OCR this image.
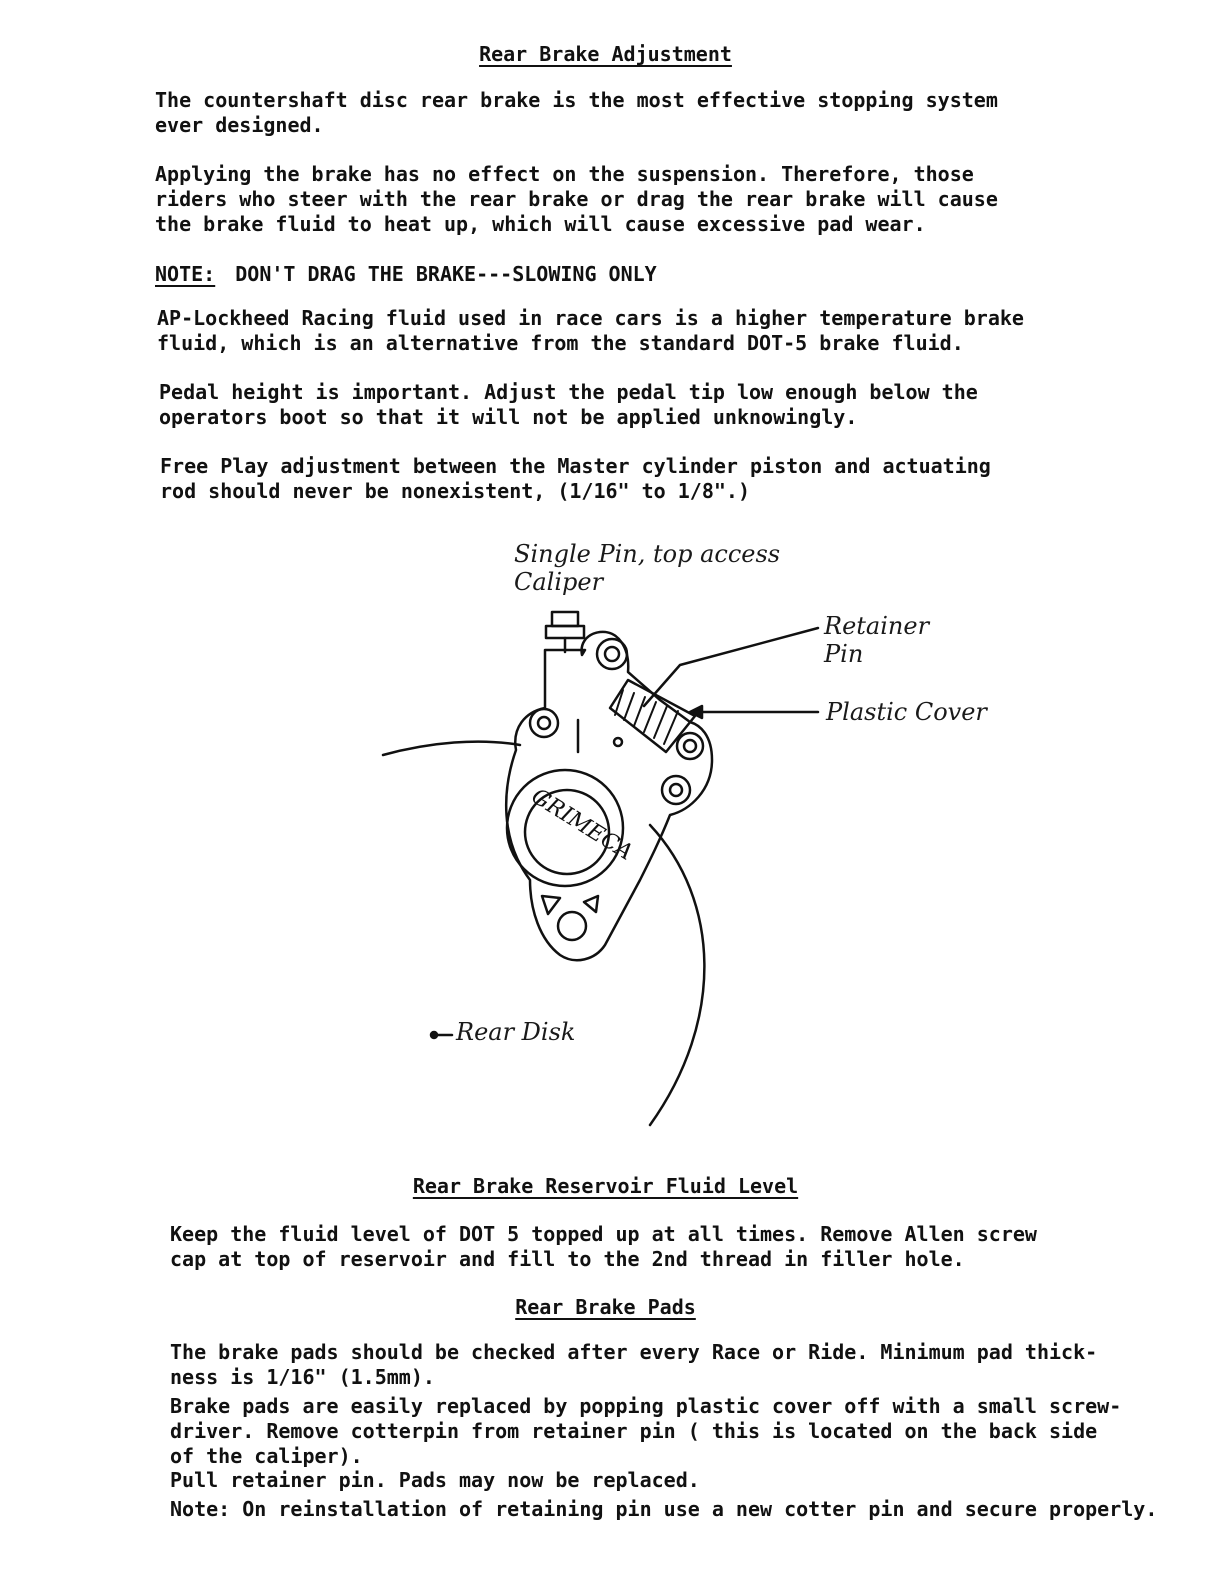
Rear Brake Adjustment

The countershaft disc rear brake is the most effective stopping system
ever designed.

Applying the brake has no effect on the suspension. Therefore, those
riders who steer with the rear brake or drag the rear brake will cause
the brake fluid to heat up, which will cause excessive pad wear.

NOTE: DON'T DRAG THE BRAKE---SLOWING ONLY

AP-Lockheed Racing fluid used in race cars is a higher temperature brake
fluid, which is an alternative from the standard DOT-5 brake fluid.

Pedal height is important. Adjust the pedal tip low enough below the
operators boot so that it will not be applied unknowingly.

Free Play adjustment between the Master cylinder piston and actuating
rod should never be nonexistent, (1/16" to 1/8".)

GRIMECA

Single Pin, top access
Caliper

Retainer
Pin

Plastic Cover

Rear Disk

Rear Brake Reservoir Fluid Level

Keep the fluid level of DOT 5 topped up at all times. Remove Allen screw
cap at top of reservoir and fill to the 2nd thread in filler hole.

Rear Brake Pads

The brake pads should be checked after every Race or Ride. Minimum pad thick-
ness is 1/16" (1.5mm).

Brake pads are easily replaced by popping plastic cover off with a small screw-
driver. Remove cotterpin from retainer pin ( this is located on the back side
of the caliper).

Pull retainer pin. Pads may now be replaced.

Note: On reinstallation of retaining pin use a new cotter pin and secure properly.
